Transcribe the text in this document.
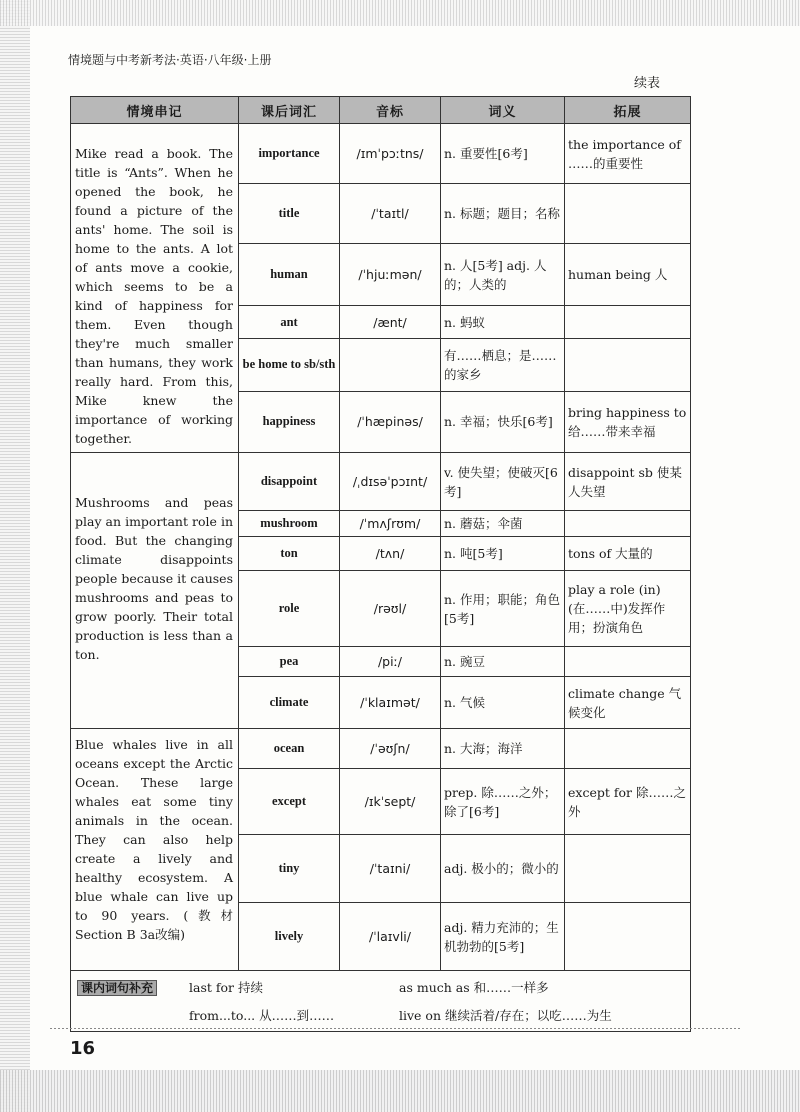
情境题与中考新考法·英语·八年级·上册
续表
情境串记	课后词汇	音标	词义	拓展
Mike read a book. The title is “Ants”. When he opened the book, he found a picture of the ants' home. The soil is home to the ants. A lot of ants move a cookie, which seems to be a kind of happiness for them. Even though they're much smaller than humans, they work really hard. From this, Mike knew the importance of working together.	importance	/ɪmˈpɔːtns/	n. 重要性[6考]	the importance of ……的重要性
	title	/ˈtaɪtl/	n. 标题；题目；名称	
	human	/ˈhjuːmən/	n. 人[5考] adj. 人的；人类的	human being 人
	ant	/ænt/	n. 蚂蚁	
	be home to sb/sth		有……栖息；是……的家乡	
	happiness	/ˈhæpinəs/	n. 幸福；快乐[6考]	bring happiness to 给……带来幸福
Mushrooms and peas play an important role in food. But the changing climate disappoints people because it causes mushrooms and peas to grow poorly. Their total production is less than a ton.	disappoint	/ˌdɪsəˈpɔɪnt/	v. 使失望；使破灭[6考]	disappoint sb 使某人失望
	mushroom	/ˈmʌʃrʊm/	n. 蘑菇；伞菌	
	ton	/tʌn/	n. 吨[5考]	tons of 大量的
	role	/rəʊl/	n. 作用；职能；角色[5考]	play a role (in) (在……中)发挥作用；扮演角色
	pea	/piː/	n. 豌豆	
	climate	/ˈklaɪmət/	n. 气候	climate change 气候变化
Blue whales live in all oceans except the Arctic Ocean. These large whales eat some tiny animals in the ocean. They can also help create a lively and healthy ecosystem. A blue whale can live up to 90 years. (教材 Section B 3a改编)	ocean	/ˈəʊʃn/	n. 大海；海洋	
	except	/ɪkˈsept/	prep. 除……之外；除了[6考]	except for 除……之外
	tiny	/ˈtaɪni/	adj. 极小的；微小的	
	lively	/ˈlaɪvli/	adj. 精力充沛的；生机勃勃的[5考]	

课内词句补充 last for 持续 as much as 和……一样多
from...to... 从……到…… live on 继续活着/存在；以吃……为生				
16
